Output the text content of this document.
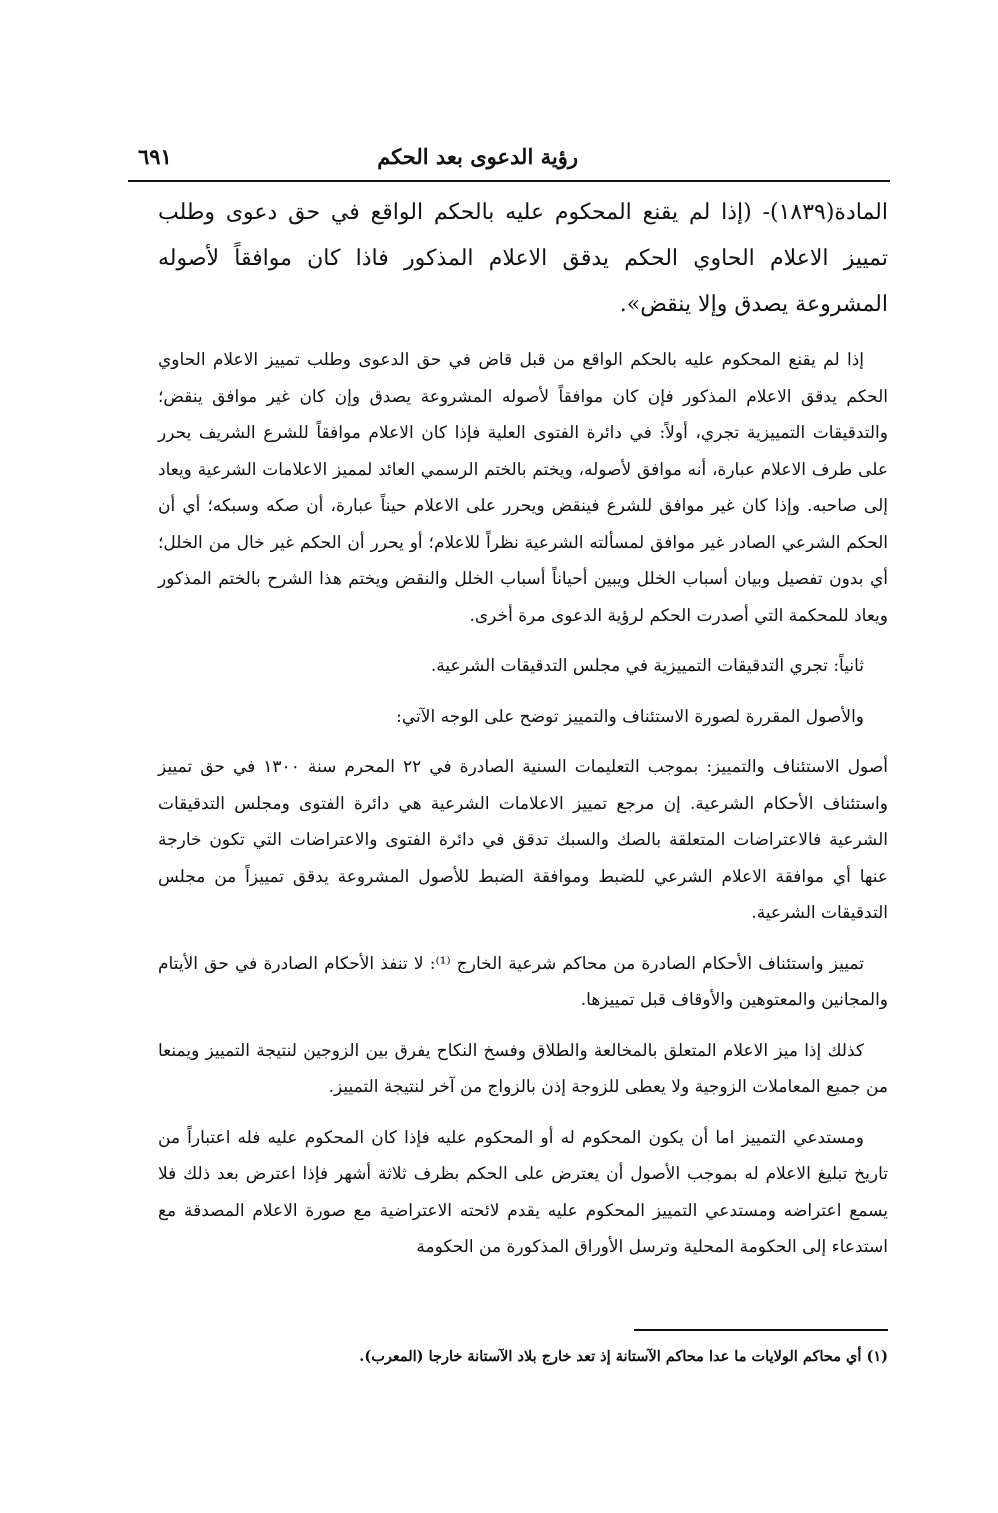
رؤية الدعوى بعد الحكم
٦٩١
المادة(١٨٣٩)- (إذا لم يقنع المحكوم عليه بالحكم الواقع في حق دعوى وطلب تمييز الاعلام الحاوي الحكم يدقق الاعلام المذكور فاذا كان موافقاً لأصوله المشروعة يصدق وإلا ينقض».

إذا لم يقنع المحكوم عليه بالحكم الواقع من قبل قاض في حق الدعوى وطلب تمييز الاعلام الحاوي الحكم يدقق الاعلام المذكور فإن كان موافقاً لأصوله المشروعة يصدق وإن كان غير موافق ينقض؛ والتدقيقات التمييزية تجري، أولاً: في دائرة الفتوى العلية فإذا كان الاعلام موافقاً للشرع الشريف يحرر على طرف الاعلام عبارة، أنه موافق لأصوله، ويختم بالختم الرسمي العائد لمميز الاعلامات الشرعية ويعاد إلى صاحبه. وإذا كان غير موافق للشرع فينقض ويحرر على الاعلام حيناً عبارة، أن صكه وسبكه؛ أي أن الحكم الشرعي الصادر غير موافق لمسألته الشرعية نظراً للاعلام؛ أو يحرر أن الحكم غير خال من الخلل؛ أي بدون تفصيل وبيان أسباب الخلل ويبين أحياناً أسباب الخلل والنقض ويختم هذا الشرح بالختم المذكور ويعاد للمحكمة التي أصدرت الحكم لرؤية الدعوى مرة أخرى.

ثانياً: تجري التدقيقات التمييزية في مجلس التدقيقات الشرعية.

والأصول المقررة لصورة الاستئناف والتمييز توضح على الوجه الآتي:

أصول الاستئناف والتمييز: بموجب التعليمات السنية الصادرة في ٢٢ المحرم سنة ١٣٠٠ في حق تمييز واستئناف الأحكام الشرعية. إن مرجع تمييز الاعلامات الشرعية هي دائرة الفتوى ومجلس التدقيقات الشرعية فالاعتراضات المتعلقة بالصك والسبك تدقق في دائرة الفتوى والاعتراضات التي تكون خارجة عنها أي موافقة الاعلام الشرعي للضبط وموافقة الضبط للأصول المشروعة يدقق تمييزاً من مجلس التدقيقات الشرعية.

تمييز واستئناف الأحكام الصادرة من محاكم شرعية الخارج ⁽¹⁾: لا تنفذ الأحكام الصادرة في حق الأيتام والمجانين والمعتوهين والأوقاف قبل تمييزها.

كذلك إذا ميز الاعلام المتعلق بالمخالعة والطلاق وفسخ النكاح يفرق بين الزوجين لنتيجة التمييز ويمنعا من جميع المعاملات الزوجية ولا يعطى للزوجة إذن بالزواج من آخر لنتيجة التمييز.

ومستدعي التمييز اما أن يكون المحكوم له أو المحكوم عليه فإذا كان المحكوم عليه فله اعتباراً من تاريخ تبليغ الاعلام له بموجب الأصول أن يعترض على الحكم بظرف ثلاثة أشهر فإذا اعترض بعد ذلك فلا يسمع اعتراضه ومستدعي التمييز المحكوم عليه يقدم لائحته الاعتراضية مع صورة الاعلام المصدقة مع استدعاء إلى الحكومة المحلية وترسل الأوراق المذكورة من الحكومة

(١) أي محاكم الولايات ما عدا محاكم الآستانة إذ تعد خارج بلاد الآستانة خارجا (المعرب).
